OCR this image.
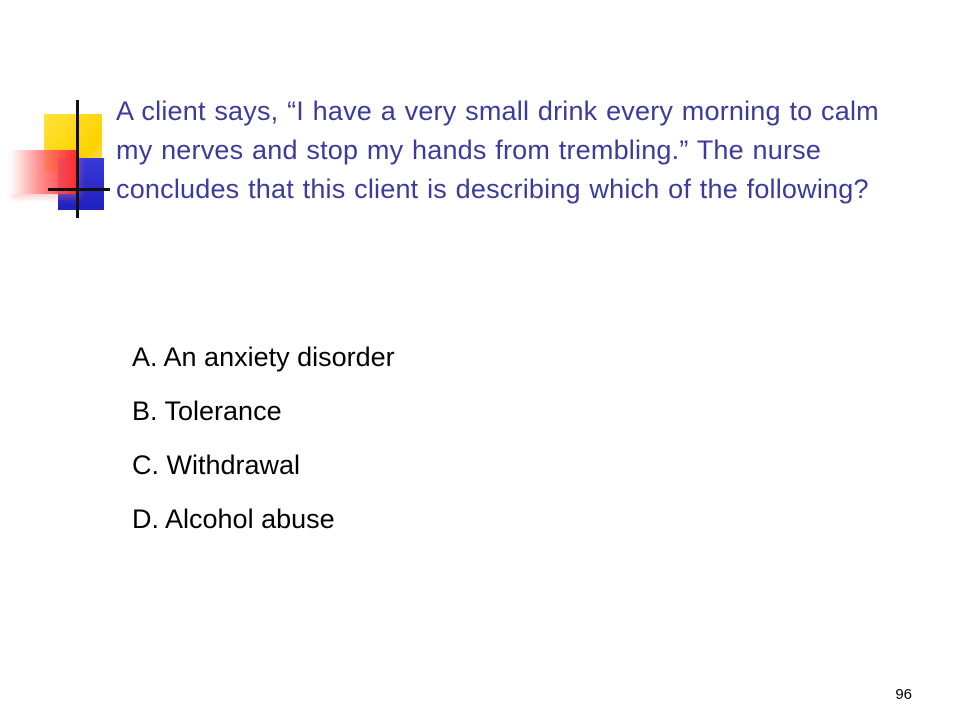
A client says, “I have a very small drink every morning to calm my nerves and stop my hands from trembling.” The nurse concludes that this client is describing which of the following?

A. An anxiety disorder
B. Tolerance
C. Withdrawal
D. Alcohol abuse
96
